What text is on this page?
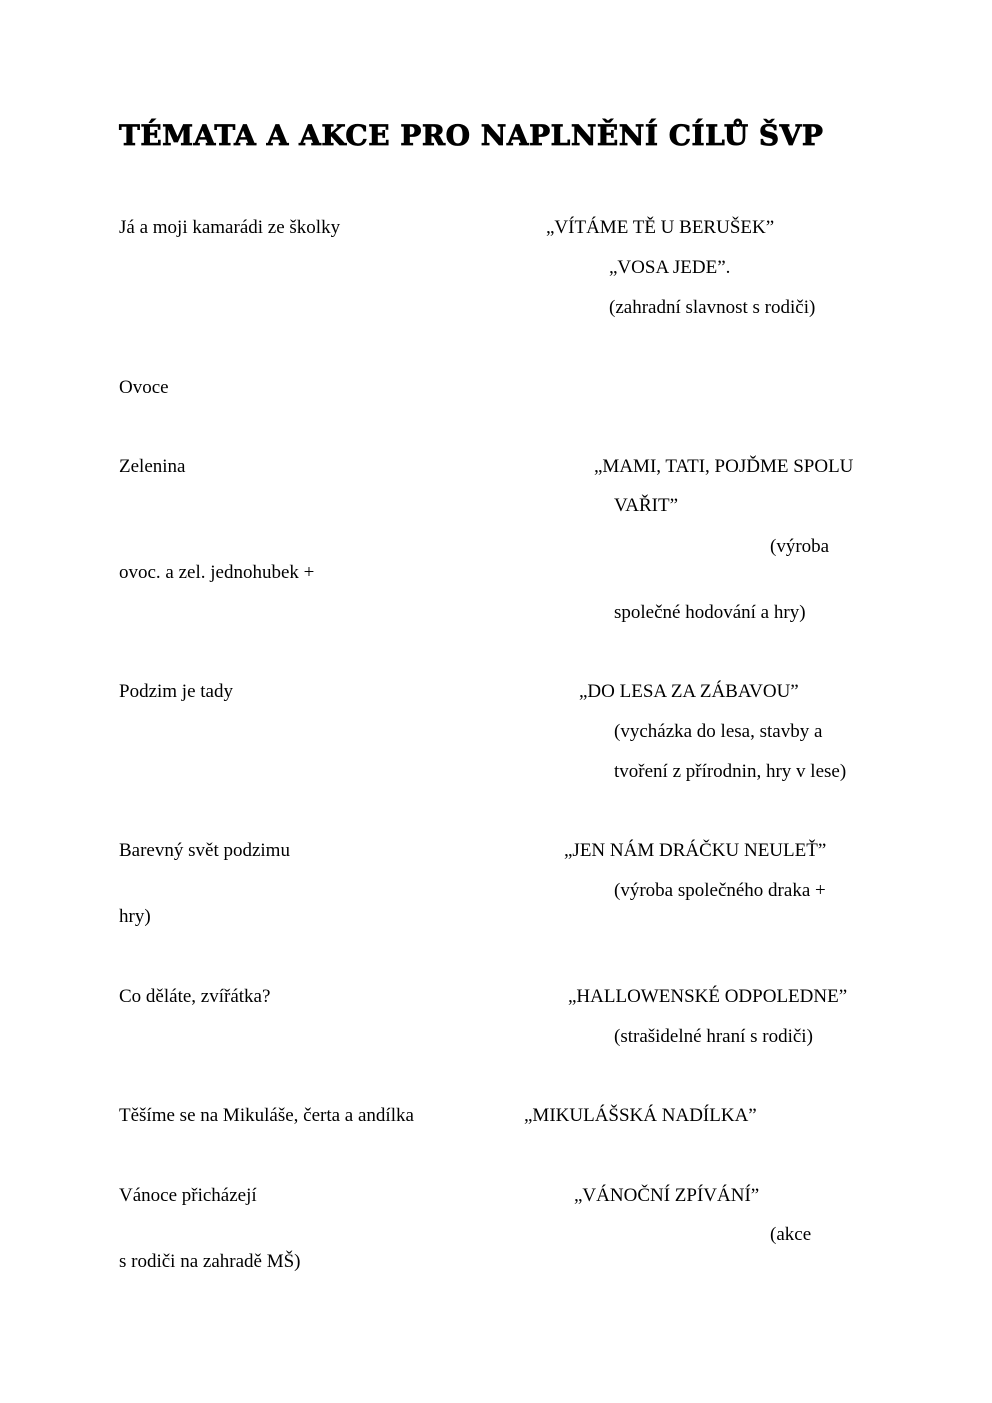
TÉMATA A AKCE PRO NAPLNĚNÍ CÍLŮ ŠVP
Já a moji kamarádi ze školky	„VÍTÁME TĚ U BERUŠEK”
„VOSA JEDE”.
(zahradní slavnost s rodiči)
Ovoce
Zelenina	„MAMI, TATI, POJĎME SPOLU
VAŘIT”
(výroba
ovoc. a zel. jednohubek +
společné hodování a hry)
Podzim je tady	„DO LESA ZA ZÁBAVOU”
(vycházka do lesa, stavby a
tvoření z přírodnin, hry v lese)
Barevný svět podzimu	„JEN NÁM DRÁČKU NEULEŤ”
(výroba společného draka +
hry)
Co děláte, zvířátka?	„HALLOWENSKÉ ODPOLEDNE”
(strašidelné hraní s rodiči)
Těšíme se na Mikuláše, čerta a andílka	„MIKULÁŠSKÁ NADÍLKA”
Vánoce přicházejí	„VÁNOČNÍ ZPÍVÁNÍ”
(akce
s rodiči na zahradě MŠ)
